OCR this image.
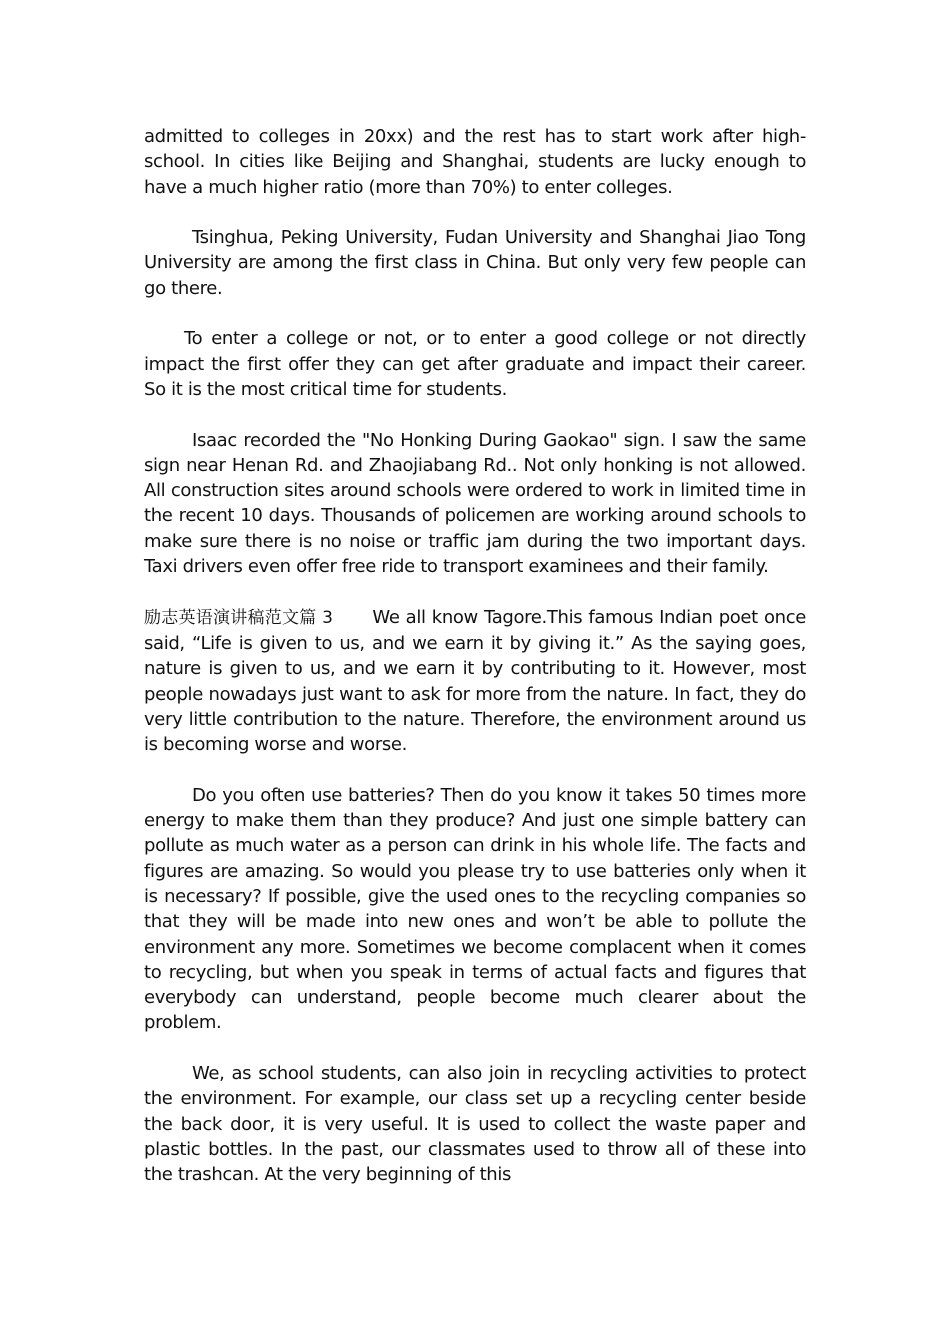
admitted to colleges in 20xx) and the rest has to start work after high-school. In cities like Beijing and Shanghai, students are lucky enough to have a much higher ratio (more than 70%) to enter colleges.

Tsinghua, Peking University, Fudan University and Shanghai Jiao Tong University are among the first class in China. But only very few people can go there.

To enter a college or not, or to enter a good college or not directly impact the first offer they can get after graduate and impact their career. So it is the most critical time for students.

Isaac recorded the "No Honking During Gaokao" sign. I saw the same sign near Henan Rd. and Zhaojiabang Rd.. Not only honking is not allowed. All construction sites around schools were ordered to work in limited time in the recent 10 days. Thousands of policemen are working around schools to make sure there is no noise or traffic jam during the two important days. Taxi drivers even offer free ride to transport examinees and their family.

励志英语演讲稿范文篇 3 We all know Tagore.This famous Indian poet once said, “Life is given to us, and we earn it by giving it.” As the saying goes, nature is given to us, and we earn it by contributing to it. However, most people nowadays just want to ask for more from the nature. In fact, they do very little contribution to the nature. Therefore, the environment around us is becoming worse and worse.

Do you often use batteries? Then do you know it takes 50 times more energy to make them than they produce? And just one simple battery can pollute as much water as a person can drink in his whole life. The facts and figures are amazing. So would you please try to use batteries only when it is necessary? If possible, give the used ones to the recycling companies so that they will be made into new ones and won’t be able to pollute the environment any more. Sometimes we become complacent when it comes to recycling, but when you speak in terms of actual facts and figures that everybody can understand, people become much clearer about the problem.

We, as school students, can also join in recycling activities to protect the environment. For example, our class set up a recycling center beside the back door, it is very useful. It is used to collect the waste paper and plastic bottles. In the past, our classmates used to throw all of these into the trashcan. At the very beginning of this
